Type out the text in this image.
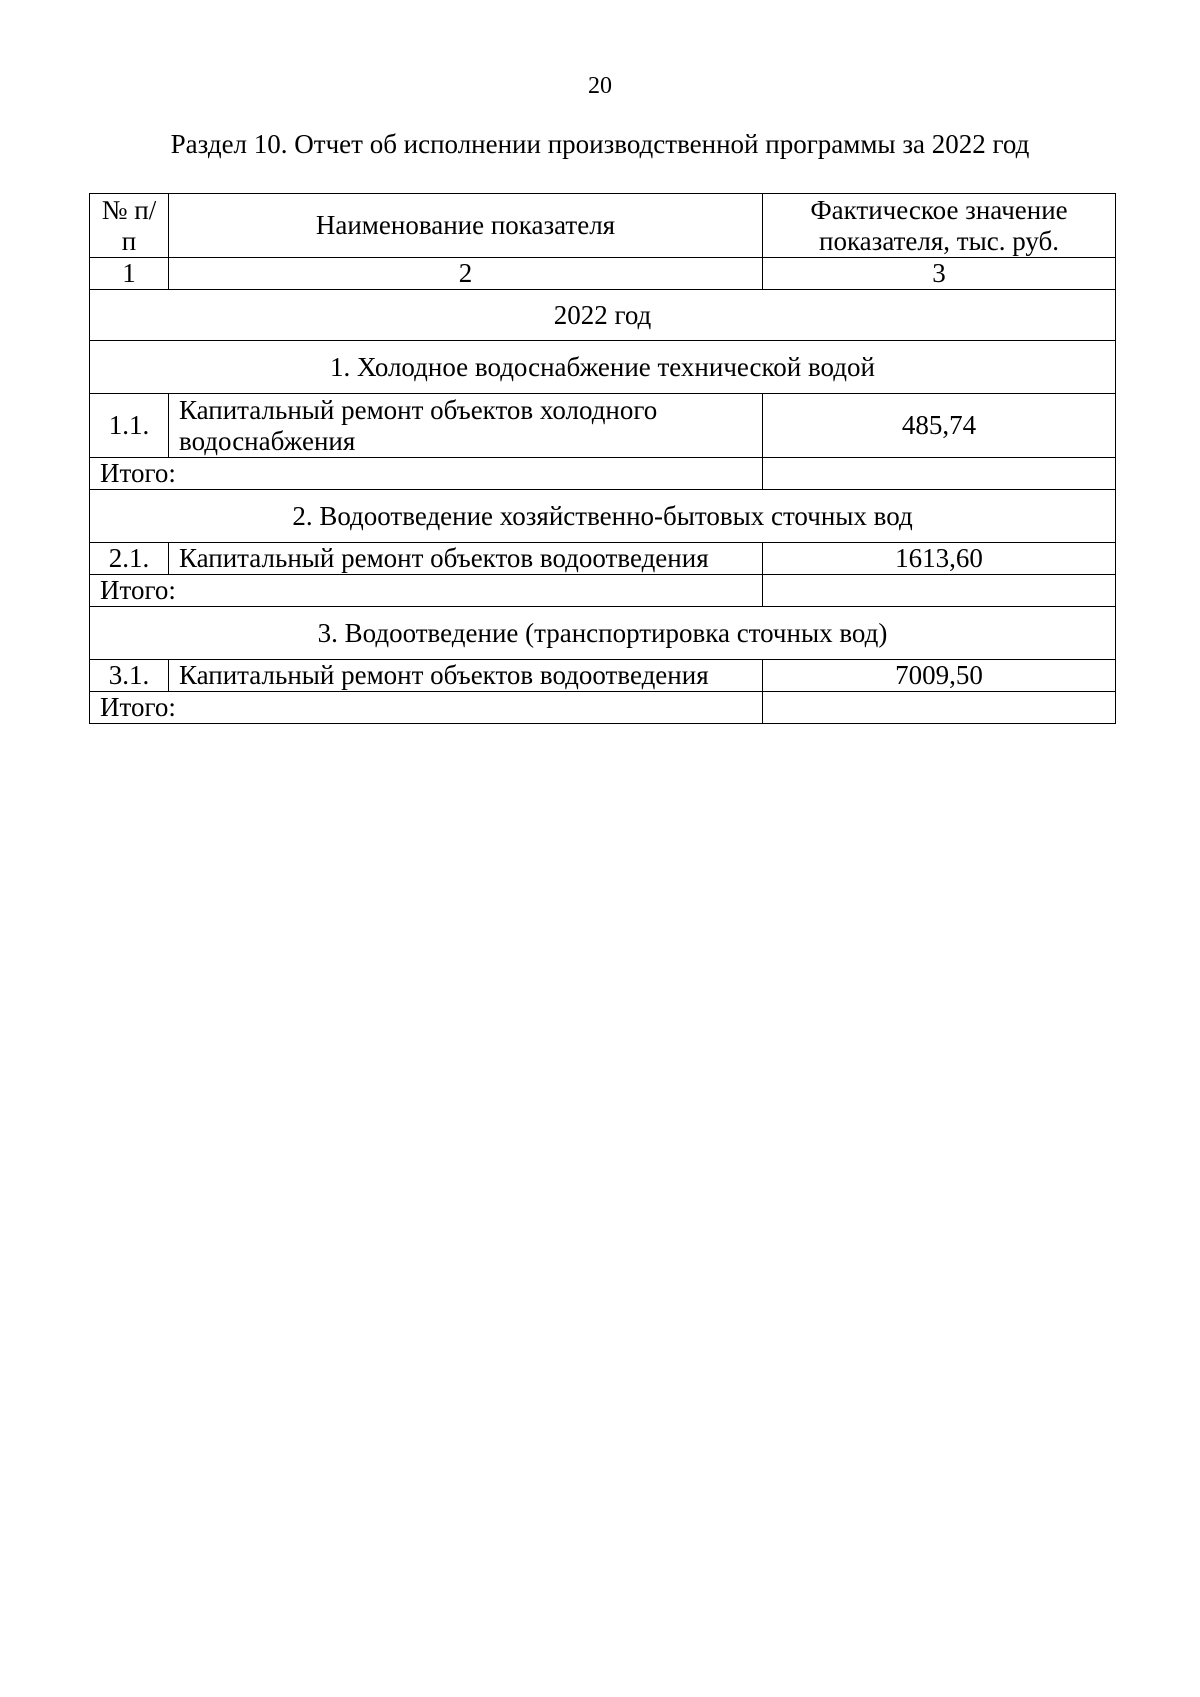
20
Раздел 10. Отчет об исполнении производственной программы за 2022 год
№ п/п	Наименование показателя	Фактическое значение показателя, тыс. руб.
1	2	3
2022 год		
1. Холодное водоснабжение технической водой		
1.1.	Капитальный ремонт объектов холодного водоснабжения	485,74
Итого:		
2. Водоотведение хозяйственно-бытовых сточных вод		
2.1.	Капитальный ремонт объектов водоотведения	1613,60
Итого:		
3. Водоотведение (транспортировка сточных вод)		
3.1.	Капитальный ремонт объектов водоотведения	7009,50
Итого:		
